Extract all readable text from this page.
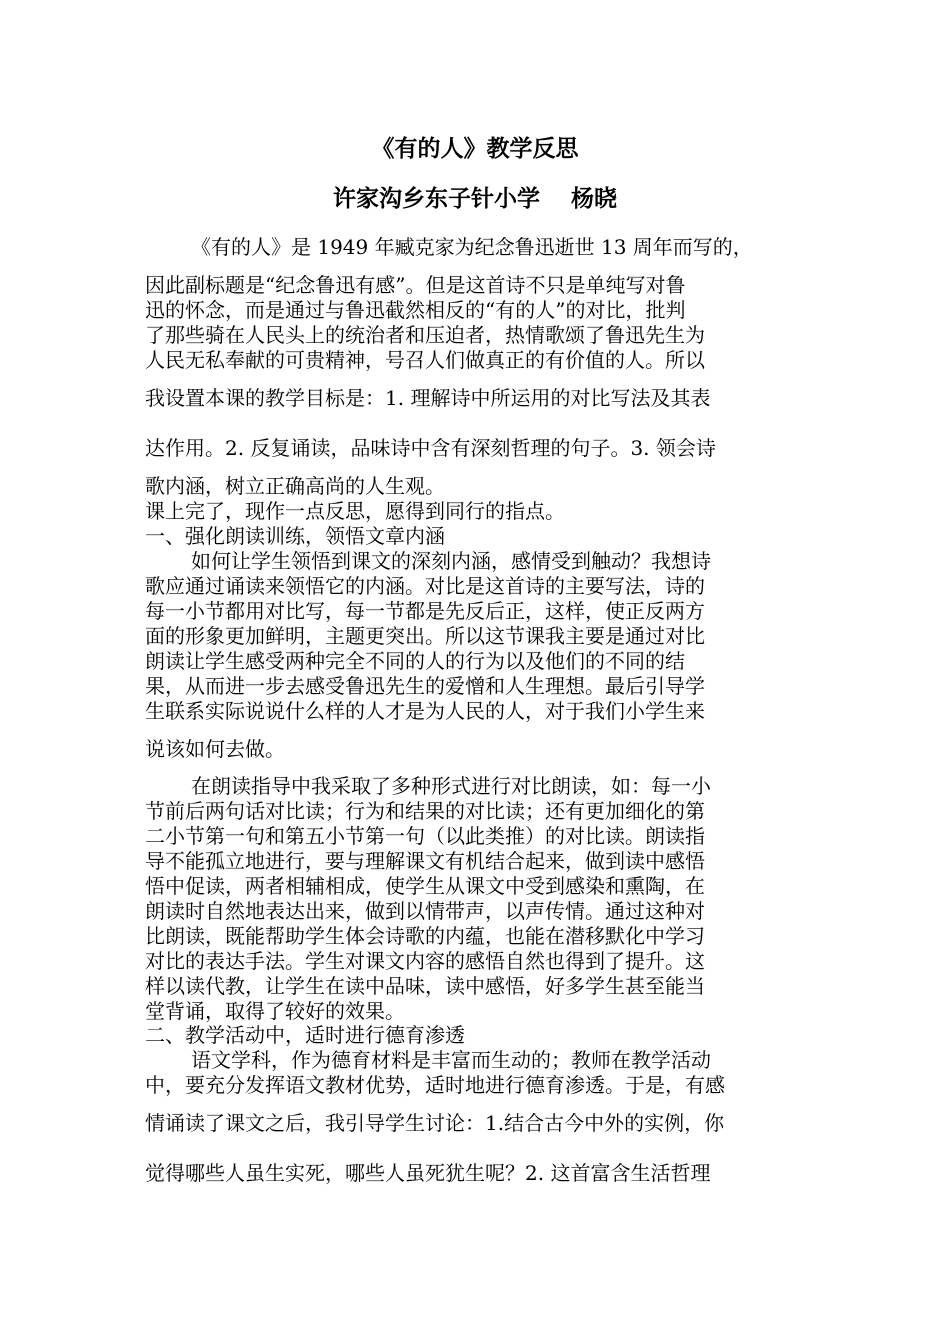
《有的人》教学反思
许家沟乡东子针小学　 杨晓
《有的人》是 1949 年臧克家为纪念鲁迅逝世 13 周年而写的，
因此副标题是“纪念鲁迅有感”。但是这首诗不只是单纯写对鲁
迅的怀念，而是通过与鲁迅截然相反的“有的人”的对比，批判
了那些骑在人民头上的统治者和压迫者，热情歌颂了鲁迅先生为
人民无私奉献的可贵精神，号召人们做真正的有价值的人。所以
我设置本课的教学目标是：1. 理解诗中所运用的对比写法及其表
达作用。2. 反复诵读，品味诗中含有深刻哲理的句子。3. 领会诗
歌内涵，树立正确高尚的人生观。
课上完了，现作一点反思，愿得到同行的指点。
一、强化朗读训练，领悟文章内涵
如何让学生领悟到课文的深刻内涵，感情受到触动？我想诗
歌应通过诵读来领悟它的内涵。对比是这首诗的主要写法，诗的
每一小节都用对比写，每一节都是先反后正，这样，使正反两方
面的形象更加鲜明，主题更突出。所以这节课我主要是通过对比
朗读让学生感受两种完全不同的人的行为以及他们的不同的结
果，从而进一步去感受鲁迅先生的爱憎和人生理想。最后引导学
生联系实际说说什么样的人才是为人民的人，对于我们小学生来
说该如何去做。
在朗读指导中我采取了多种形式进行对比朗读，如：每一小
节前后两句话对比读；行为和结果的对比读；还有更加细化的第
二小节第一句和第五小节第一句（以此类推）的对比读。朗读指
导不能孤立地进行，要与理解课文有机结合起来，做到读中感悟
悟中促读，两者相辅相成，使学生从课文中受到感染和熏陶，在
朗读时自然地表达出来，做到以情带声，以声传情。通过这种对
比朗读，既能帮助学生体会诗歌的内蕴，也能在潜移默化中学习
对比的表达手法。学生对课文内容的感悟自然也得到了提升。这
样以读代教，让学生在读中品味，读中感悟，好多学生甚至能当
堂背诵，取得了较好的效果。
二、教学活动中，适时进行德育渗透
语文学科，作为德育材料是丰富而生动的；教师在教学活动
中，要充分发挥语文教材优势，适时地进行德育渗透。于是，有感
情诵读了课文之后，我引导学生讨论：1.结合古今中外的实例，你
觉得哪些人虽生实死，哪些人虽死犹生呢？2. 这首富含生活哲理
